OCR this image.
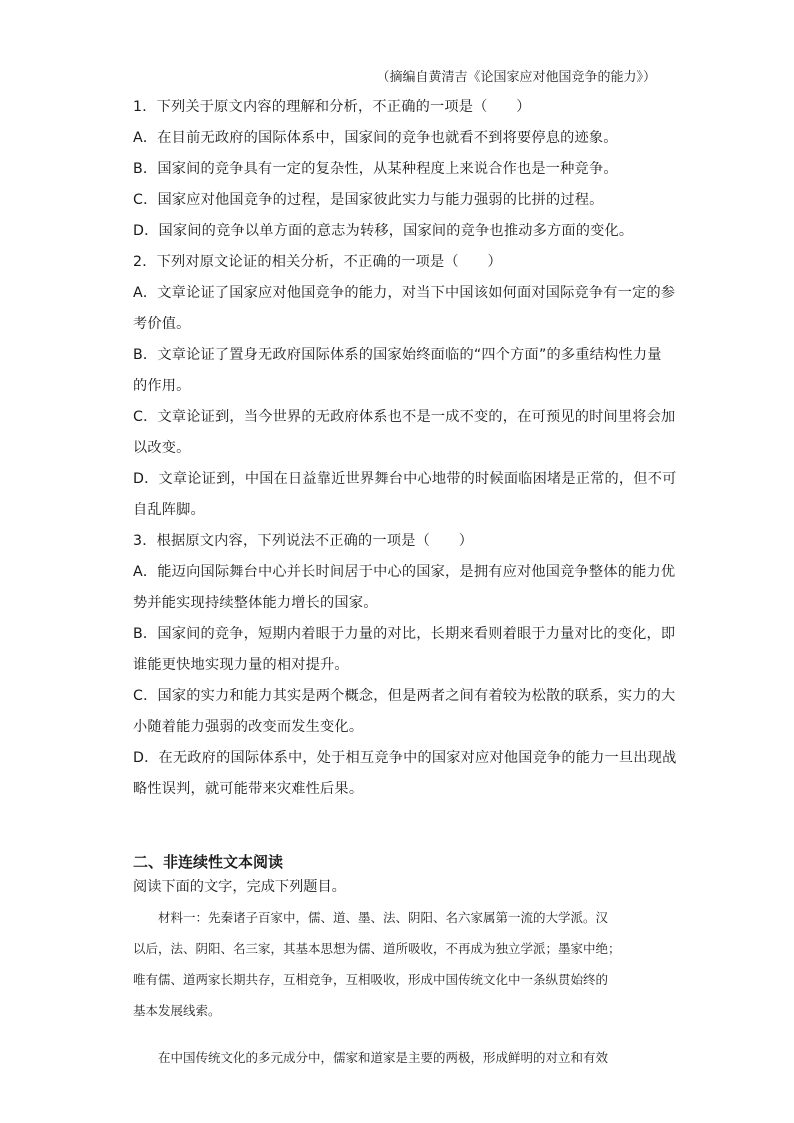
（摘编自黄清吉《论国家应对他国竞争的能力》）
1．下列关于原文内容的理解和分析，不正确的一项是（　　）
A．在目前无政府的国际体系中，国家间的竞争也就看不到将要停息的迹象。
B．国家间的竞争具有一定的复杂性，从某种程度上来说合作也是一种竞争。
C．国家应对他国竞争的过程，是国家彼此实力与能力强弱的比拼的过程。
D．国家间的竞争以单方面的意志为转移，国家间的竞争也推动多方面的变化。
2．下列对原文论证的相关分析，不正确的一项是（　　）
A．文章论证了国家应对他国竞争的能力，对当下中国该如何面对国际竞争有一定的参
考价值。
B．文章论证了置身无政府国际体系的国家始终面临的“四个方面”的多重结构性力量
的作用。
C．文章论证到，当今世界的无政府体系也不是一成不变的，在可预见的时间里将会加
以改变。
D．文章论证到，中国在日益靠近世界舞台中心地带的时候面临困堵是正常的，但不可
自乱阵脚。
3．根据原文内容，下列说法不正确的一项是（　　）
A．能迈向国际舞台中心并长时间居于中心的国家，是拥有应对他国竞争整体的能力优
势并能实现持续整体能力增长的国家。
B．国家间的竞争，短期内着眼于力量的对比，长期来看则着眼于力量对比的变化，即
谁能更快地实现力量的相对提升。
C．国家的实力和能力其实是两个概念，但是两者之间有着较为松散的联系，实力的大
小随着能力强弱的改变而发生变化。
D．在无政府的国际体系中，处于相互竞争中的国家对应对他国竞争的能力一旦出现战
略性误判，就可能带来灾难性后果。
二、非连续性文本阅读
阅读下面的文字，完成下列题目。
　　材料一：先秦诸子百家中，儒、道、墨、法、阴阳、名六家属第一流的大学派。汉
以后，法、阴阳、名三家，其基本思想为儒、道所吸收，不再成为独立学派；墨家中绝；
唯有儒、道两家长期共存，互相竞争，互相吸收，形成中国传统文化中一条纵贯始终的
基本发展线索。
　　在中国传统文化的多元成分中，儒家和道家是主要的两极，形成鲜明的对立和有效
